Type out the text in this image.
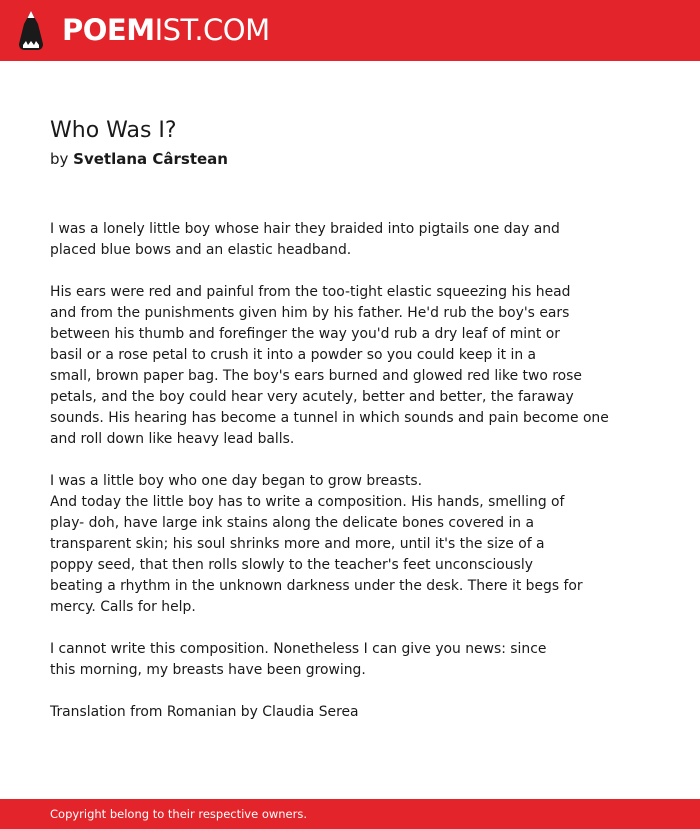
POEMIST.COM
Who Was I?
by Svetlana Cârstean
I was a lonely little boy whose hair they braided into pigtails one day and
placed blue bows and an elastic headband.
His ears were red and painful from the too-tight elastic squeezing his head
and from the punishments given him by his father. He'd rub the boy's ears
between his thumb and forefinger the way you'd rub a dry leaf of mint or
basil or a rose petal to crush it into a powder so you could keep it in a
small, brown paper bag. The boy's ears burned and glowed red like two rose
petals, and the boy could hear very acutely, better and better, the faraway
sounds. His hearing has become a tunnel in which sounds and pain become one
and roll down like heavy lead balls.
I was a little boy who one day began to grow breasts.
And today the little boy has to write a composition. His hands, smelling of
play- doh, have large ink stains along the delicate bones covered in a
transparent skin; his soul shrinks more and more, until it's the size of a
poppy seed, that then rolls slowly to the teacher's feet unconsciously
beating a rhythm in the unknown darkness under the desk. There it begs for
mercy. Calls for help.
I cannot write this composition. Nonetheless I can give you news: since
this morning, my breasts have been growing.
Translation from Romanian by Claudia Serea
Copyright belong to their respective owners.
